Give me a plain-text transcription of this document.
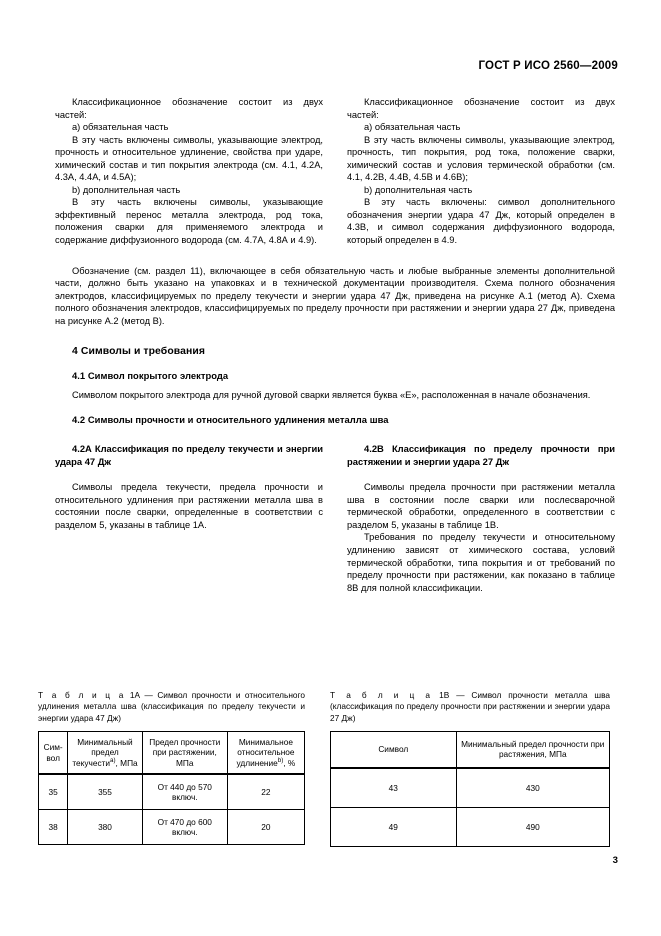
ГОСТ Р ИСО 2560—2009

Классификационное обозначение состоит из двух частей:

a) обязательная часть

В эту часть включены символы, указывающие электрод, прочность и относительное удлинение, свойства при ударе, химический состав и тип покрытия электрода (см. 4.1, 4.2А, 4.3А, 4.4А, и 4.5А);

b) дополнительная часть

В эту часть включены символы, указывающие эффективный перенос металла электрода, род тока, положения сварки для применяемого электрода и содержание диффузионного водорода (см. 4.7А, 4.8А и 4.9).

Классификационное обозначение состоит из двух частей:

a) обязательная часть

В эту часть включены символы, указывающие электрод, прочность, тип покрытия, род тока, положение сварки, химический состав и условия термической обработки (см. 4.1, 4.2В, 4.4В, 4.5В и 4.6В);

b) дополнительная часть

В эту часть включены: символ дополнительного обозначения энергии удара 47 Дж, который определен в 4.3В, и символ содержания диффузионного водорода, который определен в 4.9.

Обозначение (см. раздел 11), включающее в себя обязательную часть и любые выбранные элементы дополнительной части, должно быть указано на упаковках и в технической документации производителя. Схема полного обозначения электродов, классифицируемых по пределу текучести и энергии удара 47 Дж, приведена на рисунке А.1 (метод А). Схема полного обозначения электродов, классифицируемых по пределу прочности при растяжении и энергии удара 27 Дж, приведена на рисунке А.2 (метод В).

4 Символы и требования
4.1 Символ покрытого электрода

Символом покрытого электрода для ручной дуговой сварки является буква «Е», расположенная в начале обозначения.

4.2 Символы прочности и относительного удлинения металла шва
4.2А Классификация по пределу текучести и энергии удара 47 Дж

Символы предела текучести, предела прочности и относительного удлинения при растяжении металла шва в состоянии после сварки, определенные в соответствии с разделом 5, указаны в таблице 1А.

4.2В Классификация по пределу прочности при растяжении и энергии удара 27 Дж

Символы предела прочности при растяжении металла шва в состоянии после сварки или послесварочной термической обработки, определенного в соответствии с разделом 5, указаны в таблице 1В.

Требования по пределу текучести и относительному удлинению зависят от химического состава, условий термической обработки, типа покрытия и от требований по пределу прочности при растяжении, как показано в таблице 8В для полной классификации.

Т а б л и ц а 1А — Символ прочности и относительного удлинения металла шва (классификация по пределу текучести и энергии удара 47 Дж)
Сим-
вол	Минимальный предел текучести$^{a)}$, МПа	Предел прочности при растяжении, МПа	Минимальное относительное удлинение$^{b)}$, %
35	355	От 440 до 570 включ.	22
38	380	От 470 до 600 включ.	20
Т а б л и ц а 1В — Символ прочности металла шва (классификация по пределу прочности при растяжении и энергии удара 27 Дж)
Символ	Минимальный предел прочности при растяжения, МПа
43	430
49	490
3
